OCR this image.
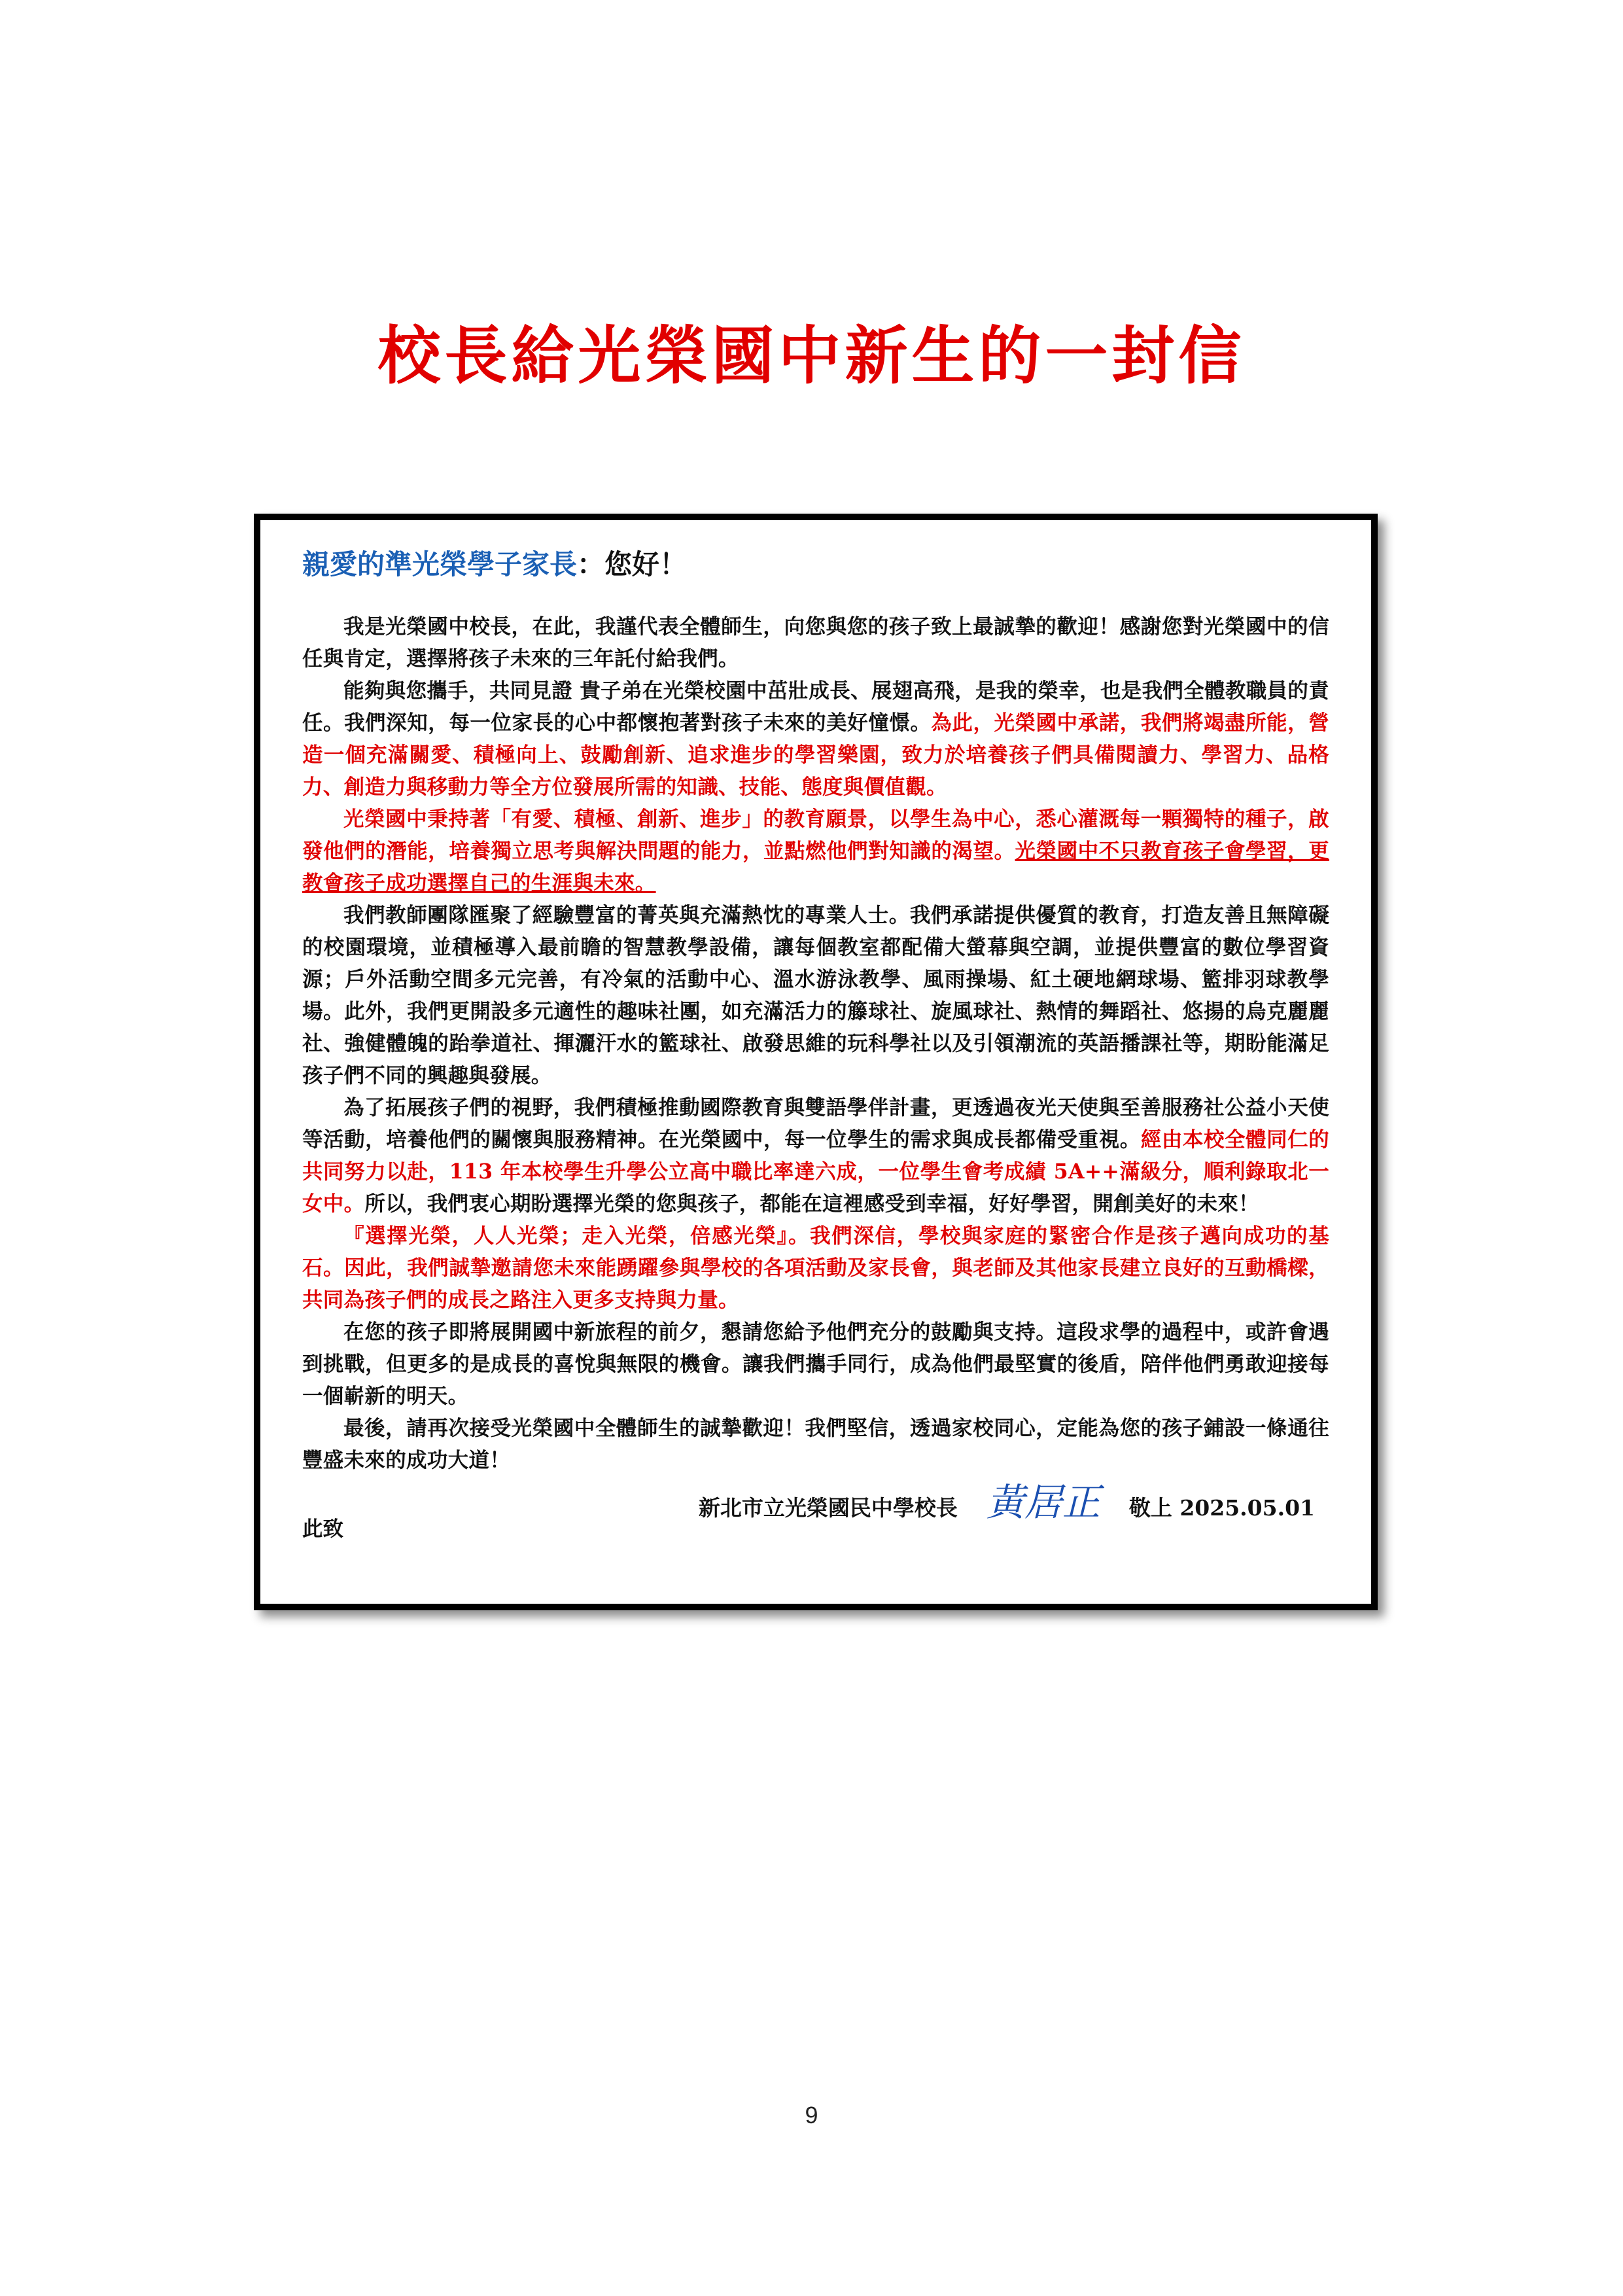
校長給光榮國中新生的一封信

親愛的準光榮學子家長：您好！

我是光榮國中校長，在此，我謹代表全體師生，向您與您的孩子致上最誠摯的歡迎！感謝您對光榮國中的信任與肯定，選擇將孩子未來的三年託付給我們。

能夠與您攜手，共同見證 貴子弟在光榮校園中茁壯成長、展翅高飛，是我的榮幸，也是我們全體教職員的責任。我們深知，每一位家長的心中都懷抱著對孩子未來的美好憧憬。為此，光榮國中承諾，我們將竭盡所能，營造一個充滿關愛、積極向上、鼓勵創新、追求進步的學習樂園，致力於培養孩子們具備閱讀力、學習力、品格力、創造力與移動力等全方位發展所需的知識、技能、態度與價值觀。

光榮國中秉持著「有愛、積極、創新、進步」的教育願景，以學生為中心，悉心灌溉每一顆獨特的種子，啟發他們的潛能，培養獨立思考與解決問題的能力，並點燃他們對知識的渴望。光榮國中不只教育孩子會學習，更教會孩子成功選擇自己的生涯與未來。

我們教師團隊匯聚了經驗豐富的菁英與充滿熱忱的專業人士。我們承諾提供優質的教育，打造友善且無障礙的校園環境，並積極導入最前瞻的智慧教學設備，讓每個教室都配備大螢幕與空調，並提供豐富的數位學習資源；戶外活動空間多元完善，有冷氣的活動中心、溫水游泳教學、風雨操場、紅土硬地網球場、籃排羽球教學場。此外，我們更開設多元適性的趣味社團，如充滿活力的籐球社、旋風球社、熱情的舞蹈社、悠揚的烏克麗麗社、強健體魄的跆拳道社、揮灑汗水的籃球社、啟發思維的玩科學社以及引領潮流的英語播課社等，期盼能滿足孩子們不同的興趣與發展。

為了拓展孩子們的視野，我們積極推動國際教育與雙語學伴計畫，更透過夜光天使與至善服務社公益小天使等活動，培養他們的關懷與服務精神。在光榮國中，每一位學生的需求與成長都備受重視。經由本校全體同仁的共同努力以赴，113 年本校學生升學公立高中職比率達六成，一位學生會考成績 5A++滿級分，順利錄取北一女中。所以，我們衷心期盼選擇光榮的您與孩子，都能在這裡感受到幸福，好好學習，開創美好的未來！

『選擇光榮，人人光榮；走入光榮，倍感光榮』。我們深信，學校與家庭的緊密合作是孩子邁向成功的基石。因此，我們誠摯邀請您未來能踴躍參與學校的各項活動及家長會，與老師及其他家長建立良好的互動橋樑，共同為孩子們的成長之路注入更多支持與力量。

在您的孩子即將展開國中新旅程的前夕，懇請您給予他們充分的鼓勵與支持。這段求學的過程中，或許會遇到挑戰，但更多的是成長的喜悅與無限的機會。讓我們攜手同行，成為他們最堅實的後盾，陪伴他們勇敢迎接每一個嶄新的明天。

最後，請再次接受光榮國中全體師生的誠摯歡迎！我們堅信，透過家校同心，定能為您的孩子鋪設一條通往豐盛未來的成功大道！

此致

新北市立光榮國民中學校長 黃居正 敬上 2025.05.01
9
